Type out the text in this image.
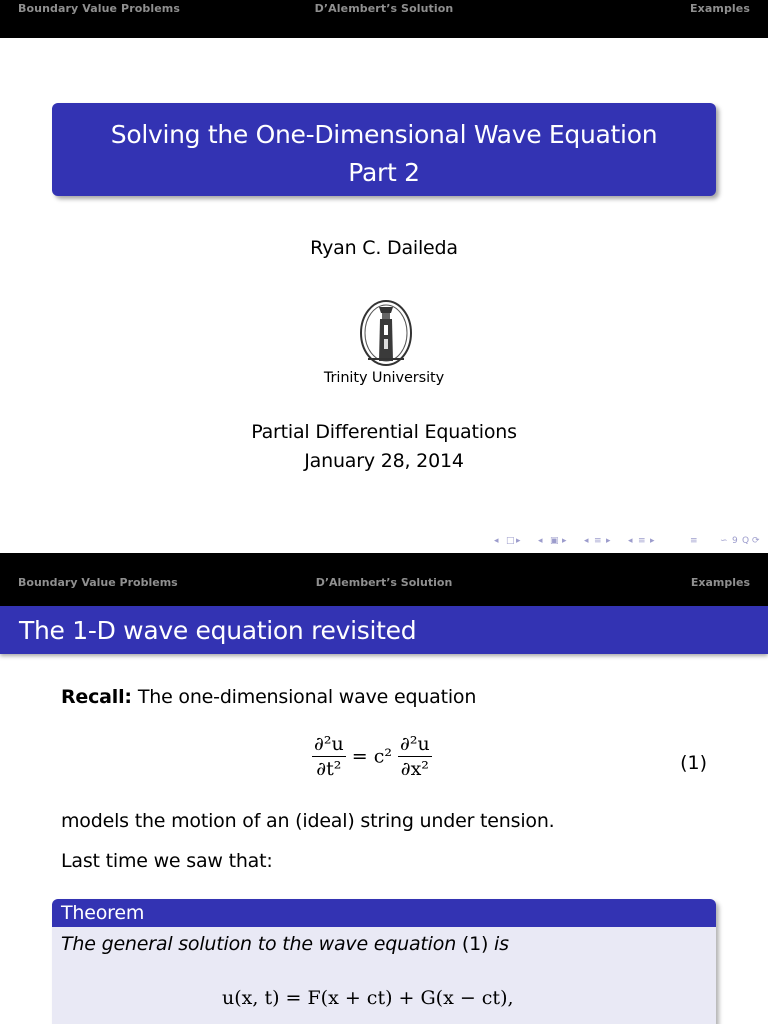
Boundary Value Problems	D’Alembert’s Solution	Examples
Solving the One-Dimensional Wave Equation
Part 2
Ryan C. Daileda
Trinity University
Partial Differential Equations
January 28, 2014
◂ □ ▸ ◂ ▣ ▸ ◂ ≡ ▸ ◂ ≡ ▸	≡ ∽ 9 Q ⟳
Boundary Value Problems	D’Alembert’s Solution	Examples
The 1-D wave equation revisited
Recall: The one-dimensional wave equation
$\frac{\text{∂²u}}{\text{∂t²}} = c^2 \frac{\text{∂²u}}{\text{∂x²}}$	(1)
models the motion of an (ideal) string under tension.
Last time we saw that:
Theorem
The general solution to the wave equation (1) is
u(x, t) = F(x + ct) + G(x − ct),
